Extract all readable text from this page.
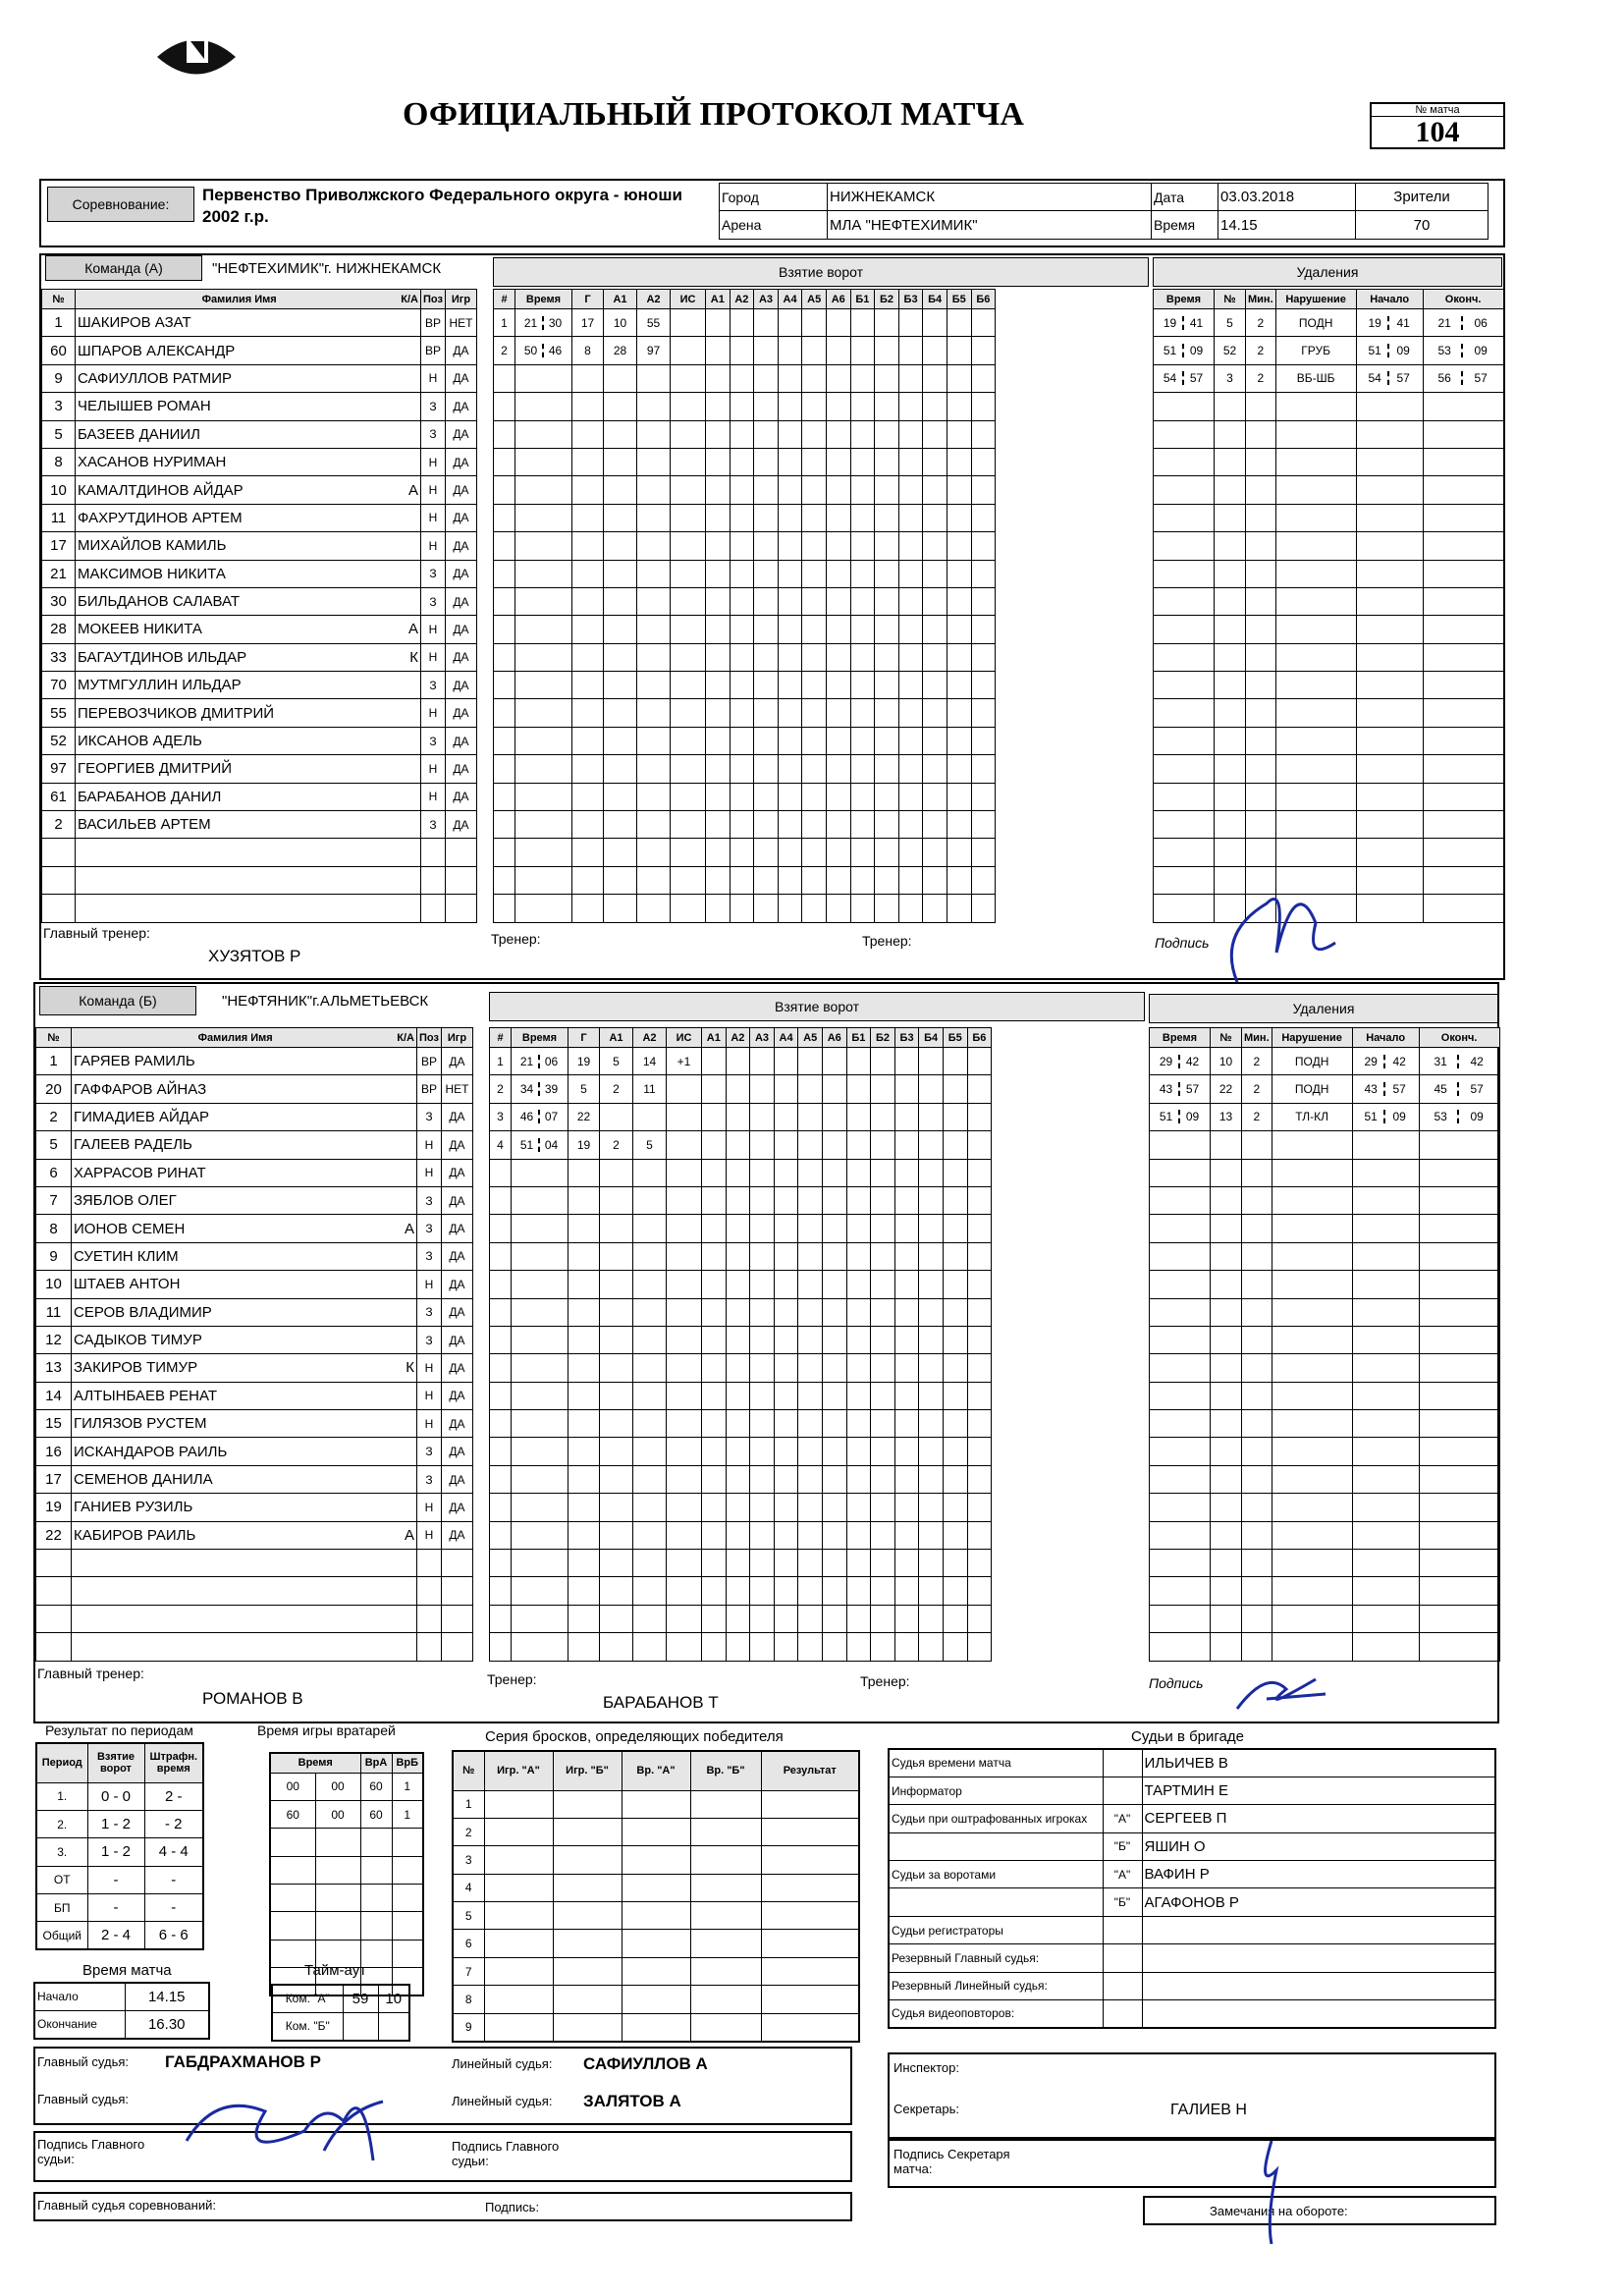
ОФИЦИАЛЬНЫЙ ПРОТОКОЛ МАТЧА	№ матча
104
Соревнование:	Первенство Приволжского Федерального округа - юноши 2002 г.р.
Город	НИЖНЕКАМСК	Дата	03.03.2018	Зрители
Арена	МЛА "НЕФТЕХИМИК"	Время	14.15	70
Команда (А)	"НЕФТЕХИМИК"г. НИЖНЕКАМСК	Взятие ворот	Удаления
№	Фамилия Имя К/А	Поз	Игр
1	ШАКИРОВ АЗАТ	ВР	НЕТ
60	ШПАРОВ АЛЕКСАНДР	ВР	ДА
9	САФИУЛЛОВ РАТМИР	Н	ДА
3	ЧЕЛЫШЕВ РОМАН	З	ДА
5	БАЗЕЕВ ДАНИИЛ	З	ДА
8	ХАСАНОВ НУРИМАН	Н	ДА
10	КАМАЛТДИНОВ АЙДАР А	Н	ДА
11	ФАХРУТДИНОВ АРТЕМ	Н	ДА
17	МИХАЙЛОВ КАМИЛЬ	Н	ДА
21	МАКСИМОВ НИКИТА	З	ДА
30	БИЛЬДАНОВ САЛАВАТ	З	ДА
28	МОКЕЕВ НИКИТА А	Н	ДА
33	БАГАУТДИНОВ ИЛЬДАР К	Н	ДА
70	МУТМГУЛЛИН ИЛЬДАР	З	ДА
55	ПЕРЕВОЗЧИКОВ ДМИТРИЙ	Н	ДА
52	ИКСАНОВ АДЕЛЬ	З	ДА
97	ГЕОРГИЕВ ДМИТРИЙ	Н	ДА
61	БАРАБАНОВ ДАНИЛ	Н	ДА
2	ВАСИЛЬЕВ АРТЕМ	З	ДА

#	Время	Г	А1	А2	ИС	А1	А2	А3	А4	А5	А6	Б1	Б2	Б3	Б4	Б5	Б6
1	21 30	17	10	55													
2	50 46	8	28	97													

Время	№	Мин.	Нарушение	Начало	Оконч.
19 41	5	2	ПОДН	19 41	21 06
51 09	52	2	ГРУБ	51 09	53 09
54 57	3	2	ВБ-ШБ	54 57	56 57

Главный тренер:
ХУЗЯТОВ Р
Тренер:	Тренер:	Подпись
Команда (Б)	"НЕФТЯНИК"г.АЛЬМЕТЬЕВСК	Взятие ворот	Удаления
№	Фамилия Имя К/А	Поз	Игр
1	ГАРЯЕВ РАМИЛЬ	ВР	ДА
20	ГАФФАРОВ АЙНАЗ	ВР	НЕТ
2	ГИМАДИЕВ АЙДАР	З	ДА
5	ГАЛЕЕВ РАДЕЛЬ	Н	ДА
6	ХАРРАСОВ РИНАТ	Н	ДА
7	ЗЯБЛОВ ОЛЕГ	З	ДА
8	ИОНОВ СЕМЕН А	З	ДА
9	СУЕТИН КЛИМ	З	ДА
10	ШТАЕВ АНТОН	Н	ДА
11	СЕРОВ ВЛАДИМИР	З	ДА
12	САДЫКОВ ТИМУР	З	ДА
13	ЗАКИРОВ ТИМУР К	Н	ДА
14	АЛТЫНБАЕВ РЕНАТ	Н	ДА
15	ГИЛЯЗОВ РУСТЕМ	Н	ДА
16	ИСКАНДАРОВ РАИЛЬ	З	ДА
17	СЕМЕНОВ ДАНИЛА	З	ДА
19	ГАНИЕВ РУЗИЛЬ	Н	ДА
22	КАБИРОВ РАИЛЬ А	Н	ДА

#	Время	Г	А1	А2	ИС	А1	А2	А3	А4	А5	А6	Б1	Б2	Б3	Б4	Б5	Б6
1	21 06	19	5	14	+1												
2	34 39	5	2	11													
3	46 07	22															
4	51 04	19	2	5													

Время	№	Мин.	Нарушение	Начало	Оконч.
29 42	10	2	ПОДН	29 42	31 42
43 57	22	2	ПОДН	43 57	45 57
51 09	13	2	ТЛ-КЛ	51 09	53 09

Главный тренер:
РОМАНОВ В
Тренер:
БАРАБАНОВ Т
Тренер:	Подпись
Результат по периодам
Период	Взятие ворот	Штрафн. время
1.	0 - 0	2 -
2.	1 - 2	- 2
3.	1 - 2	4 - 4
ОТ	-	-
БП	-	-
Общий	2 - 4	6 - 6
Время игры вратарей
Время		ВрА	ВрБ
00	00	60	1
60	00	60	1

Время матча
Начало	14.15
Окончание	16.30
Тайм-аут
Ком. "А"	59	10
Ком. "Б"		
Серия бросков, определяющих победителя
№	Игр. "А"	Игр. "Б"	Вр. "А"	Вр. "Б"	Результат
1					
2					
3					
4					
5					
6					
7					
8					
9					
Судьи в бригаде
Судья времени матча		ИЛЬИЧЕВ В
Информатор		ТАРТМИН Е
Судьи при оштрафованных игроках	"А"	СЕРГЕЕВ П
	"Б"	ЯШИН О
Судьи за воротами	"А"	ВАФИН Р
	"Б"	АГАФОНОВ Р
Судьи регистраторы		
Резервный Главный судья:		
Резервный Линейный судья:		
Судья видеоповторов:		
Инспектор:
Секретарь:	ГАЛИЕВ Н
Подпись Секретаря матча:
Замечания на обороте:
Главный судья: ГАБДРАХМАНОВ Р
Главный судья:
Линейный судья: САФИУЛЛОВ А
Линейный судья: ЗАЛЯТОВ А
Подпись Главного судьи:
Подпись Главного судьи:
Главный судья соревнований:	Подпись:
